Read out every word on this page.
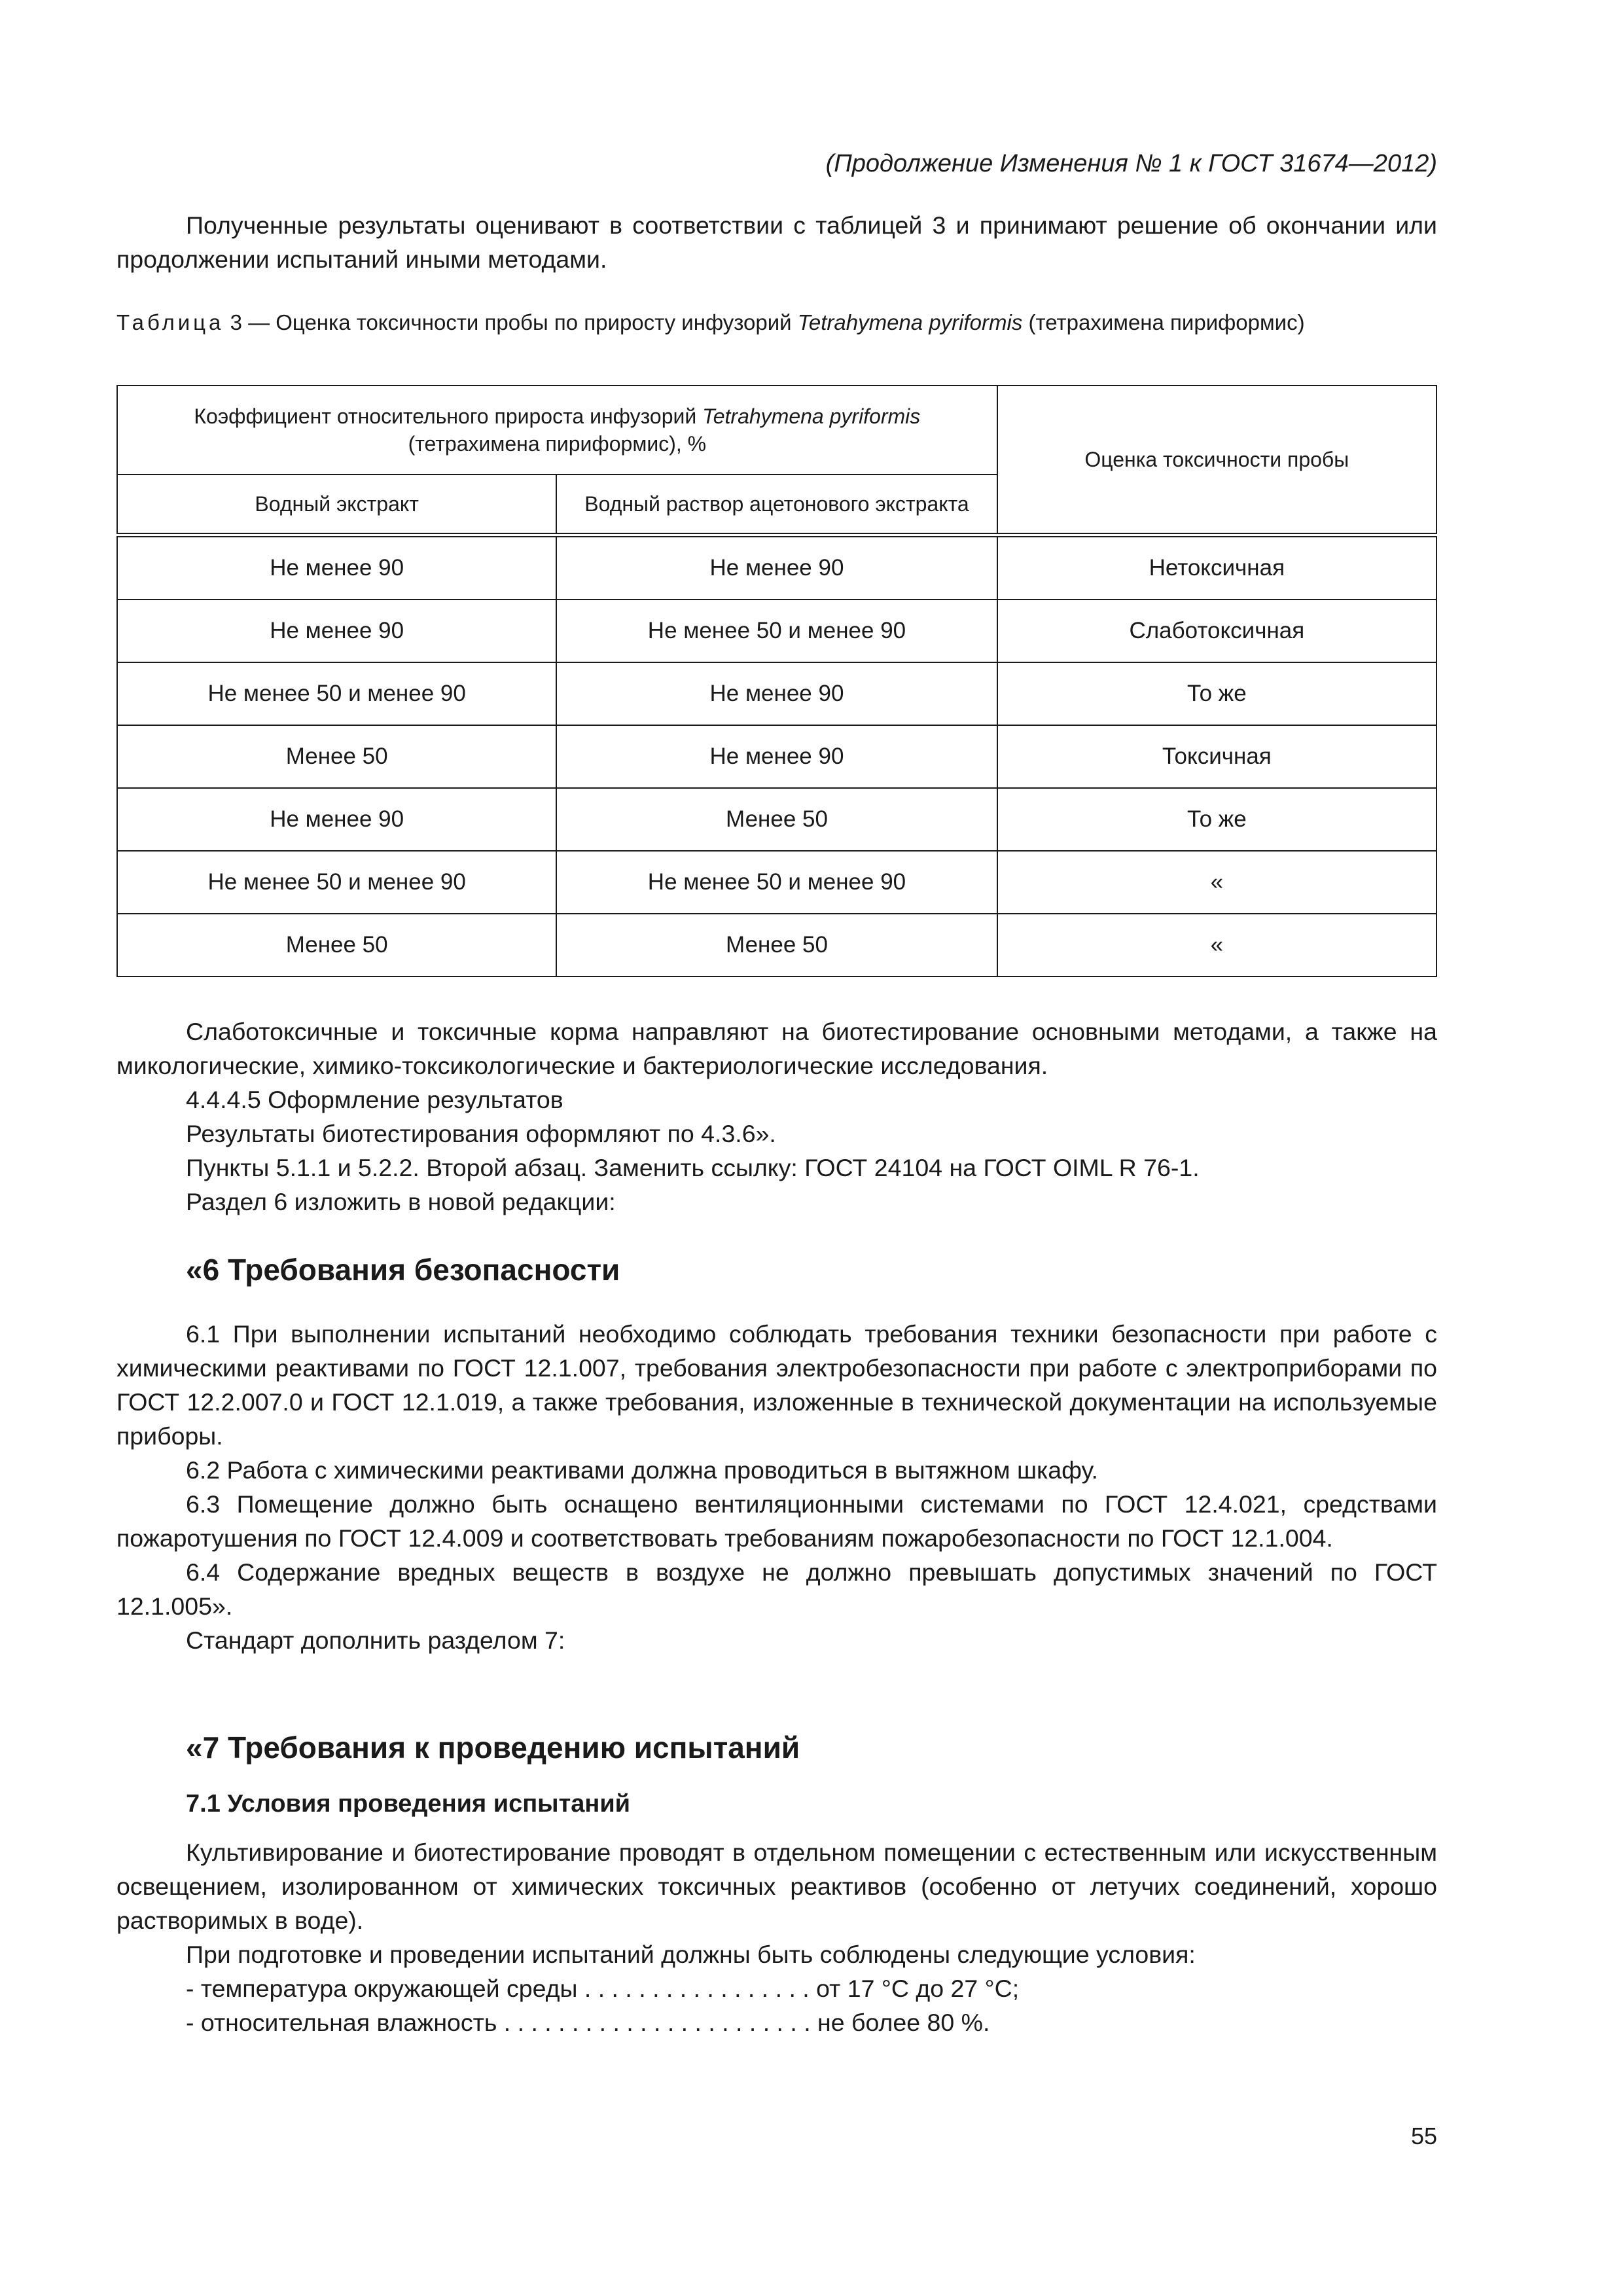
(Продолжение Изменения № 1 к ГОСТ 31674—2012)

Полученные результаты оценивают в соответствии с таблицей 3 и принимают решение об окончании или продолжении испытаний иными методами.

Таблица 3 — Оценка токсичности пробы по приросту инфузорий Tetrahymena pyriformis (тетрахимена пириформис)
Коэффициент относительного прироста инфузорий Tetrahymena pyriformis
(тетрахимена пириформис), %		Оценка токсичности пробы
Водный экстракт	Водный раствор ацетонового экстракта	
Не менее 90	Не менее 90	Нетоксичная
Не менее 90	Не менее 50 и менее 90	Слаботоксичная
Не менее 50 и менее 90	Не менее 90	То же
Менее 50	Не менее 90	Токсичная
Не менее 90	Менее 50	То же
Не менее 50 и менее 90	Не менее 50 и менее 90	«
Менее 50	Менее 50	«

Слаботоксичные и токсичные корма направляют на биотестирование основными методами, а также на микологические, химико-токсикологические и бактериологические исследования.

4.4.4.5 Оформление результатов

Результаты биотестирования оформляют по 4.3.6».

Пункты 5.1.1 и 5.2.2. Второй абзац. Заменить ссылку: ГОСТ 24104 на ГОСТ OIML R 76-1.

Раздел 6 изложить в новой редакции:

«6 Требования безопасности

6.1 При выполнении испытаний необходимо соблюдать требования техники безопасности при работе с химическими реактивами по ГОСТ 12.1.007, требования электробезопасности при работе с электроприборами по ГОСТ 12.2.007.0 и ГОСТ 12.1.019, а также требования, изложенные в технической документации на используемые приборы.

6.2 Работа с химическими реактивами должна проводиться в вытяжном шкафу.

6.3 Помещение должно быть оснащено вентиляционными системами по ГОСТ 12.4.021, средствами пожаротушения по ГОСТ 12.4.009 и соответствовать требованиям пожаробезопасности по ГОСТ 12.1.004.

6.4 Содержание вредных веществ в воздухе не должно превышать допустимых значений по ГОСТ 12.1.005».

Стандарт дополнить разделом 7:

«7 Требования к проведению испытаний
7.1 Условия проведения испытаний

Культивирование и биотестирование проводят в отдельном помещении с естественным или искусственным освещением, изолированном от химических токсичных реактивов (особенно от летучих соединений, хорошо растворимых в воде).

При подготовке и проведении испытаний должны быть соблюдены следующие условия:

- температура окружающей среды . . . . . . . . . . . . . . . . . от 17 °С до 27 °С;

- относительная влажность . . . . . . . . . . . . . . . . . . . . . . . не более 80 %.

55
